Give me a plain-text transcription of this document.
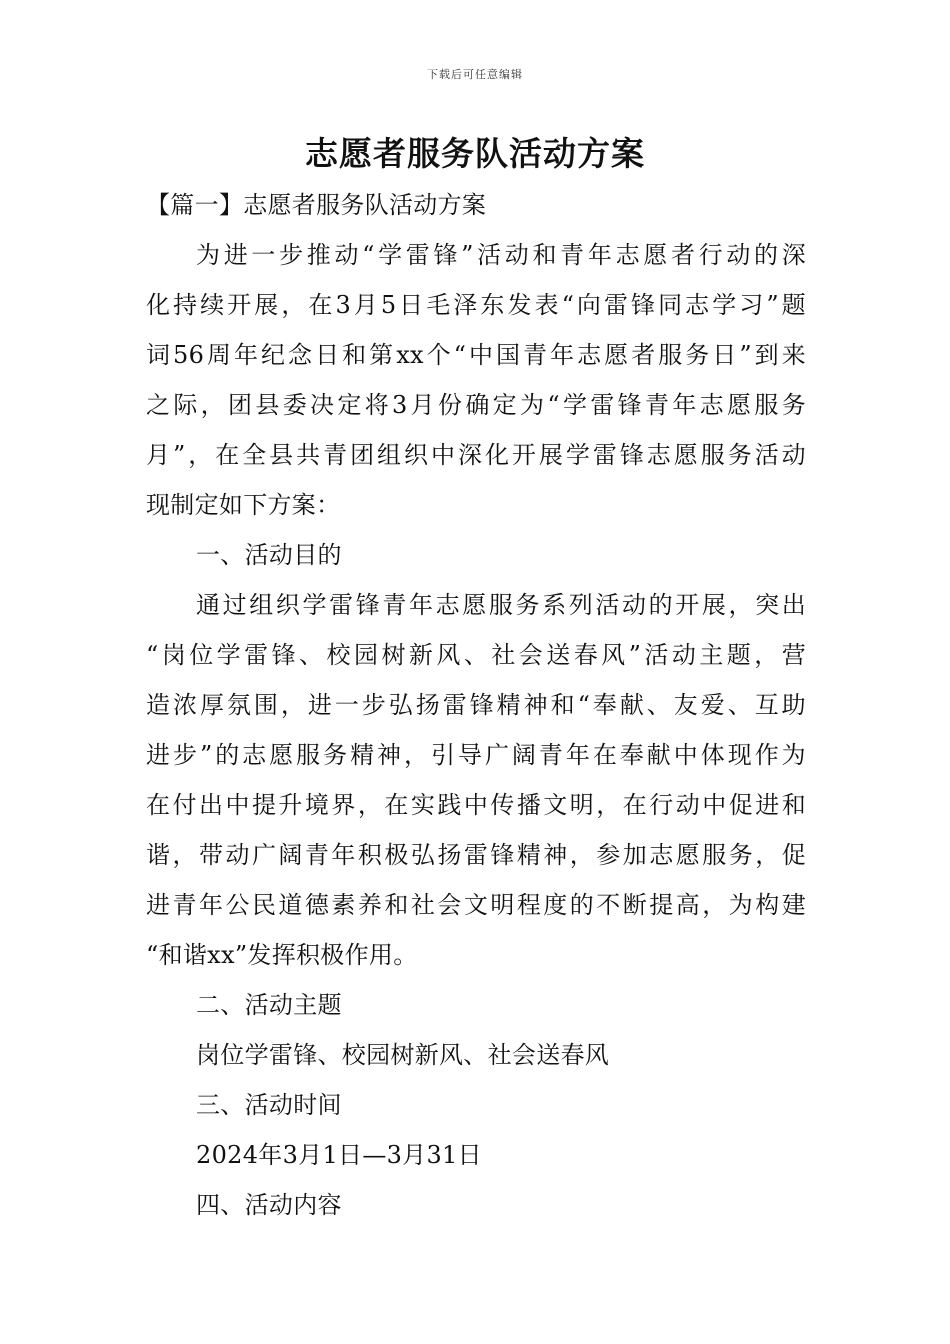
下载后可任意编辑
志愿者服务队活动方案

【篇一】志愿者服务队活动方案

为进一步推动“学雷锋”活动和青年志愿者行动的深

化持续开展，在3月5日毛泽东发表“向雷锋同志学习”题

词56周年纪念日和第xx个“中国青年志愿者服务日”到来

之际，团县委决定将3月份确定为“学雷锋青年志愿服务

月”，在全县共青团组织中深化开展学雷锋志愿服务活动

现制定如下方案：

一、活动目的

通过组织学雷锋青年志愿服务系列活动的开展，突出

“岗位学雷锋、校园树新风、社会送春风”活动主题，营

造浓厚氛围，进一步弘扬雷锋精神和“奉献、友爱、互助

进步”的志愿服务精神，引导广阔青年在奉献中体现作为

在付出中提升境界，在实践中传播文明，在行动中促进和

谐，带动广阔青年积极弘扬雷锋精神，参加志愿服务，促

进青年公民道德素养和社会文明程度的不断提高，为构建

“和谐xx”发挥积极作用。

二、活动主题

岗位学雷锋、校园树新风、社会送春风

三、活动时间

2024年3月1日—3月31日

四、活动内容
